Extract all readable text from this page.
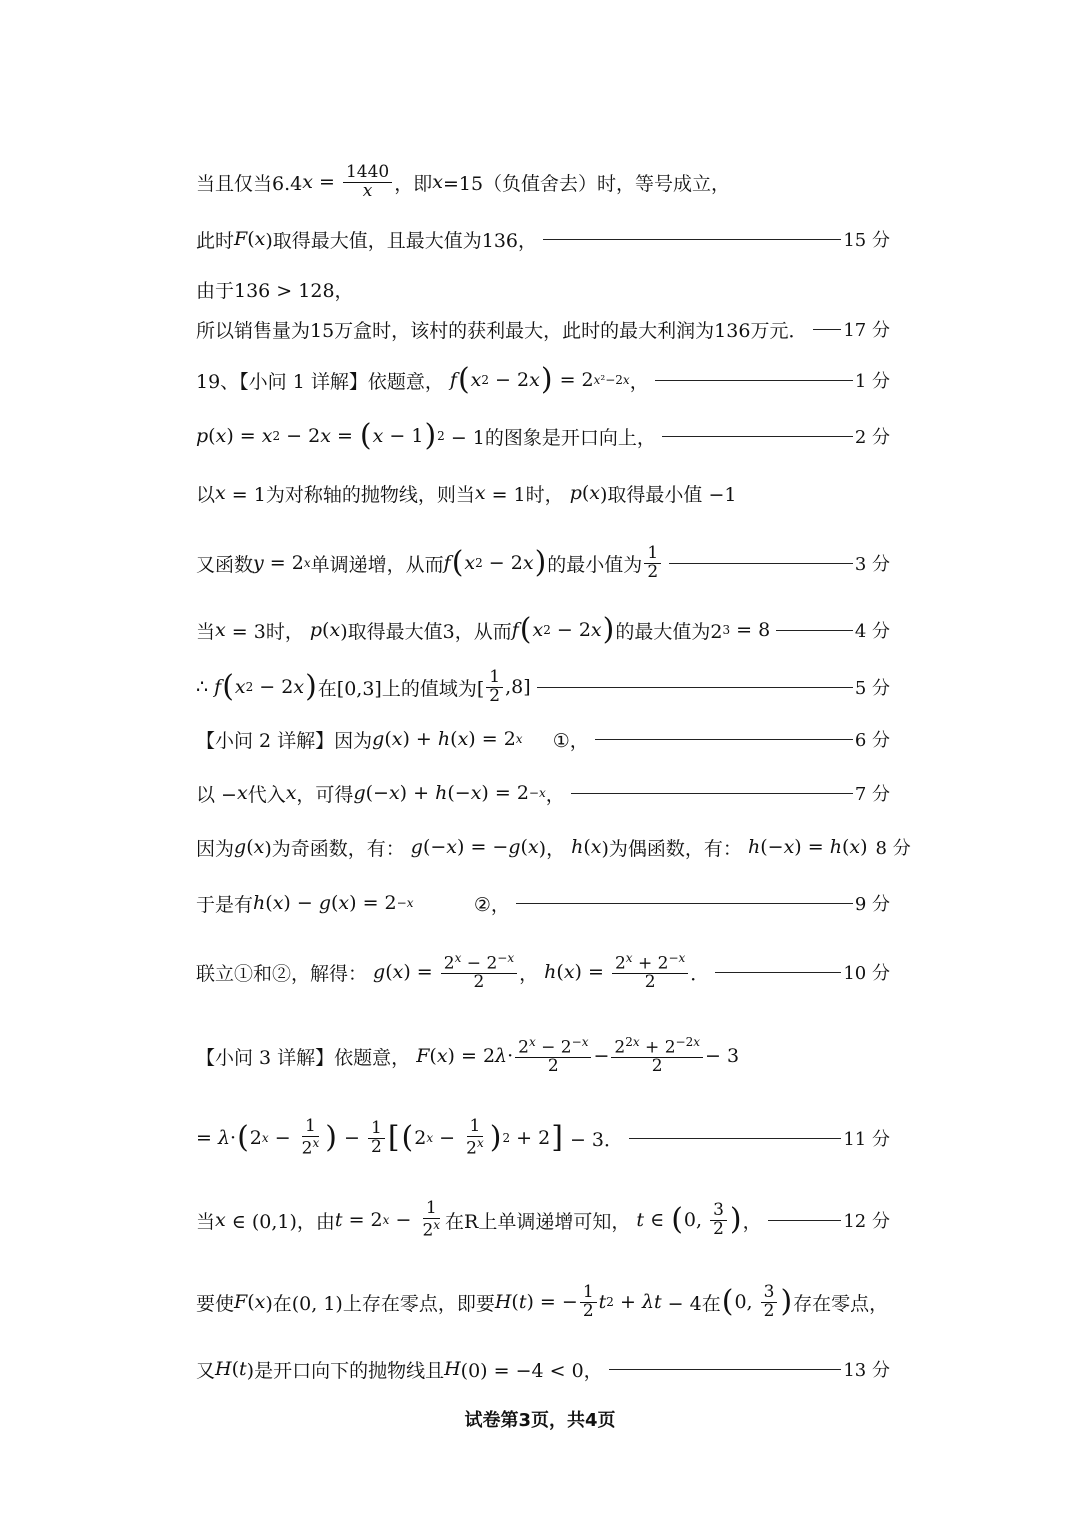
当且仅当6.4 $x = \frac{1440}{x}$ ，即 x =15（负值舍去）时，等号成立，
此时 F ( x )取得最大值，且最大值为136，	15 分
由于136 > 128，
所以销售量为15万盒时，该村的获利最大，此时的最大利润为136万元． 17 分
19、【小问 1 详解】依题意， f ( x 2 − 2 x ) = 2 x²−2x ，	1 分
p ( x ) = x 2 − 2 x = ( x − 1 ) 2 − 1的图象是开口向上，	2 分
以 x = 1为对称轴的抛物线，则当 x = 1时， p ( x )取得最小值 −1
又函数 y = 2 x 单调递增，从而 f ( x 2 − 2 x ) 的最小值为 $\frac{1}{2}$	3 分
当 x = 3时， p ( x )取得最大值3，从而 f ( x 2 − 2 x ) 的最大值为2 3 = 8	4 分
∴ f ( x 2 − 2 x ) 在[0,3]上的值域为[ $\frac{1}{2} ,8$]	5 分
【小问 2 详解】因为 g ( x ) + h ( x ) = 2 x ①，	6 分
以 − x 代入 x ，可得 g (− x ) + h (− x ) = 2 −x ，	7 分
因为 g ( x )为奇函数，有： g (− x ) = − g ( x )， h ( x )为偶函数，有： h (− x ) = h ( x ) 8 分
于是有 h ( x ) − g ( x ) = 2 −x ②，	9 分
联立①和②，解得： g ( x ) = $\frac{2^x - 2^{-x}}{2}$ ， h ( x ) = $\frac{2^x + 2^{-x}}{2}$ ．	10 分
【小问 3 详解】依题意， F ( x ) = 2 $\lambda \cdot \frac{2^x - 2^{-x}}{2} - \frac{2^{2x} + 2^{-2x}}{2} - 3$
= λ · ( 2 $x - \frac{1}{2^x}$ ) − $\frac{1}{2}$ [ ( 2 $x - \frac{1}{2^x}$ ) 2 + 2 ] − 3．	11 分
当 x ∈ (0,1)，由 t = 2 $x - \frac{1}{2^x}$ 在R上单调递增可知， t ∈ ( 0, $\frac{3}{2}$ ) ，	12 分
要使 F ( x )在(0, 1)上存在零点，即要 H ( t ) = − $\frac{1}{2}$ t 2 + λt − 4在 ( 0, $\frac{3}{2}$ ) 存在零点，
又 H ( t )是开口向下的抛物线且 H (0) = −4 < 0，	13 分
试卷第3页，共4页
